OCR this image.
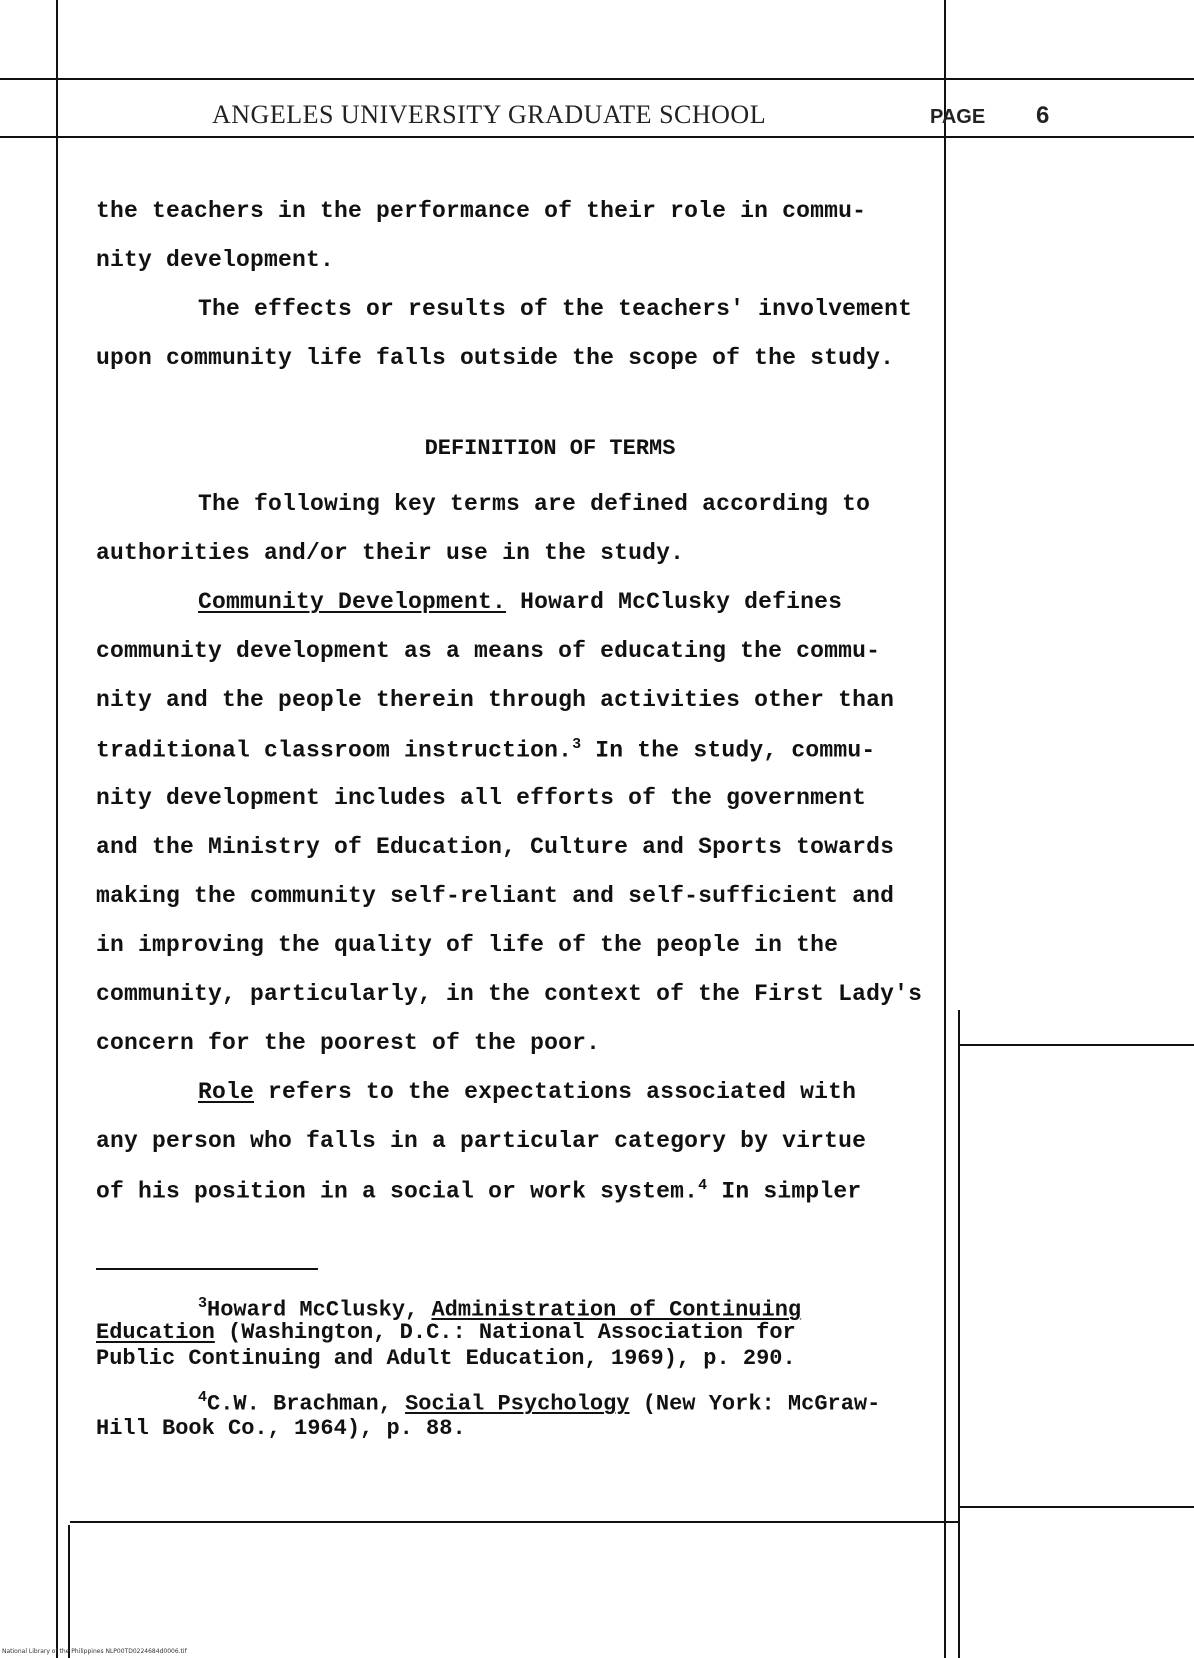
ANGELES UNIVERSITY GRADUATE SCHOOL	PAGE 6
the teachers in the performance of their role in commu-
nity development.
The effects or results of the teachers' involvement
upon community life falls outside the scope of the study.
DEFINITION OF TERMS
The following key terms are defined according to
authorities and/or their use in the study.
Community Development. Howard McClusky defines
community development as a means of educating the commu-
nity and the people therein through activities other than
traditional classroom instruction.$^3$ In the study, commu-
nity development includes all efforts of the government
and the Ministry of Education, Culture and Sports towards
making the community self-reliant and self-sufficient and
in improving the quality of life of the people in the
community, particularly, in the context of the First Lady's
concern for the poorest of the poor.
Role refers to the expectations associated with
any person who falls in a particular category by virtue
of his position in a social or work system.$^4$ In simpler
$^3$Howard McClusky, Administration of Continuing
Education (Washington, D.C.: National Association for
Public Continuing and Adult Education, 1969), p. 290.
$^4$C.W. Brachman, Social Psychology (New York: McGraw-
Hill Book Co., 1964), p. 88.
National Library of the Philippines NLP00TD0224684d0006.tif
